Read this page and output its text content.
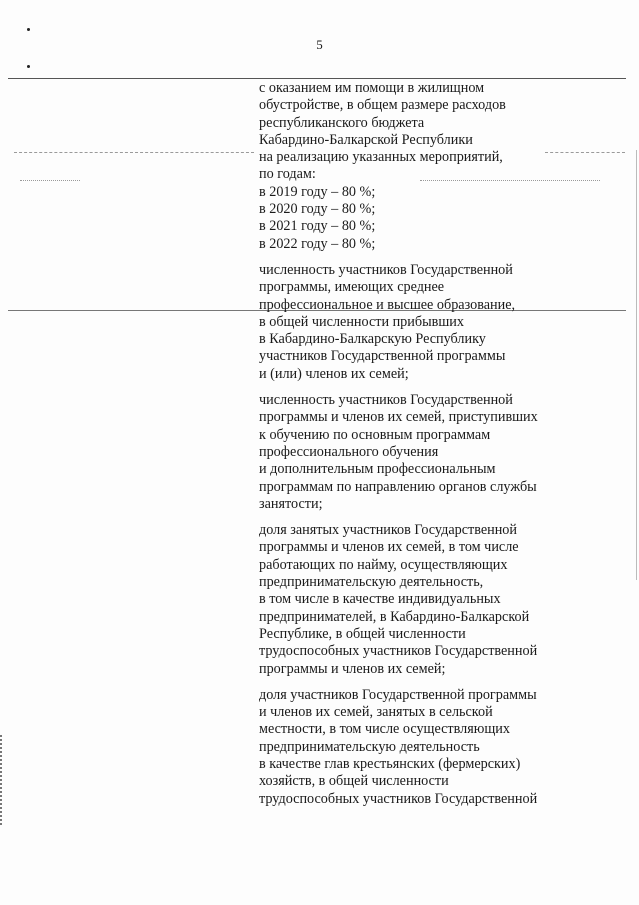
5
с оказанием им помощи в жилищном
обустройстве, в общем размере расходов
республиканского бюджета
Кабардино-Балкарской Республики
на реализацию указанных мероприятий,
по годам:
в 2019 году – 80 %;
в 2020 году – 80 %;
в 2021 году – 80 %;
в 2022 году – 80 %;
численность участников Государственной
программы, имеющих среднее
профессиональное и высшее образование,
в общей численности прибывших
в Кабардино-Балкарскую Республику
участников Государственной программы
и (или) членов их семей;
численность участников Государственной
программы и членов их семей, приступивших
к обучению по основным программам
профессионального обучения
и дополнительным профессиональным
программам по направлению органов службы
занятости;
доля занятых участников Государственной
программы и членов их семей, в том числе
работающих по найму, осуществляющих
предпринимательскую деятельность,
в том числе в качестве индивидуальных
предпринимателей, в Кабардино-Балкарской
Республике, в общей численности
трудоспособных участников Государственной
программы и членов их семей;
доля участников Государственной программы
и членов их семей, занятых в сельской
местности, в том числе осуществляющих
предпринимательскую деятельность
в качестве глав крестьянских (фермерских)
хозяйств, в общей численности
трудоспособных участников Государственной
